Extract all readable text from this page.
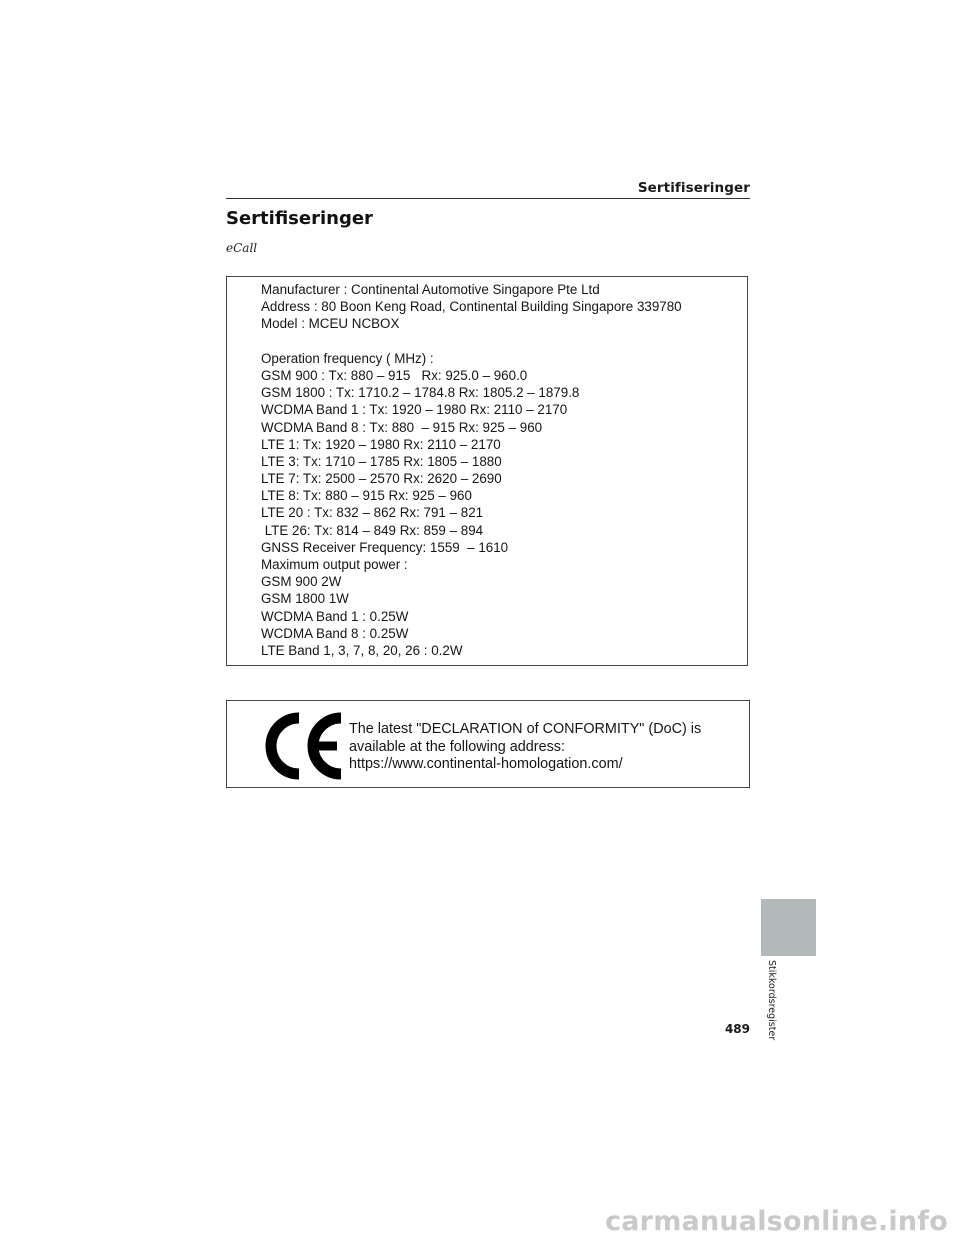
Sertifiseringer
Sertifiseringer
eCall
Manufacturer : Continental Automotive Singapore Pte Ltd
Address : 80 Boon Keng Road, Continental Building Singapore 339780
Model : MCEU NCBOX
Operation frequency ( MHz) :
GSM 900 : Tx: 880 – 915   Rx: 925.0 – 960.0
GSM 1800 : Tx: 1710.2 – 1784.8 Rx: 1805.2 – 1879.8
WCDMA Band 1 : Tx: 1920 – 1980 Rx: 2110 – 2170
WCDMA Band 8 : Tx: 880  – 915 Rx: 925 – 960
LTE 1: Tx: 1920 – 1980 Rx: 2110 – 2170
LTE 3: Tx: 1710 – 1785 Rx: 1805 – 1880
LTE 7: Tx: 2500 – 2570 Rx: 2620 – 2690
LTE 8: Tx: 880 – 915 Rx: 925 – 960
LTE 20 : Tx: 832 – 862 Rx: 791 – 821
LTE 26: Tx: 814 – 849 Rx: 859 – 894
GNSS Receiver Frequency: 1559  – 1610
Maximum output power :
GSM 900 2W
GSM 1800 1W
WCDMA Band 1 : 0.25W
WCDMA Band 8 : 0.25W
LTE Band 1, 3, 7, 8, 20, 26 : 0.2W
The latest "DECLARATION of CONFORMITY" (DoC) is
available at the following address:
https://www.continental-homologation.com/
Stikkordsregister
489
carmanualsonline.info
